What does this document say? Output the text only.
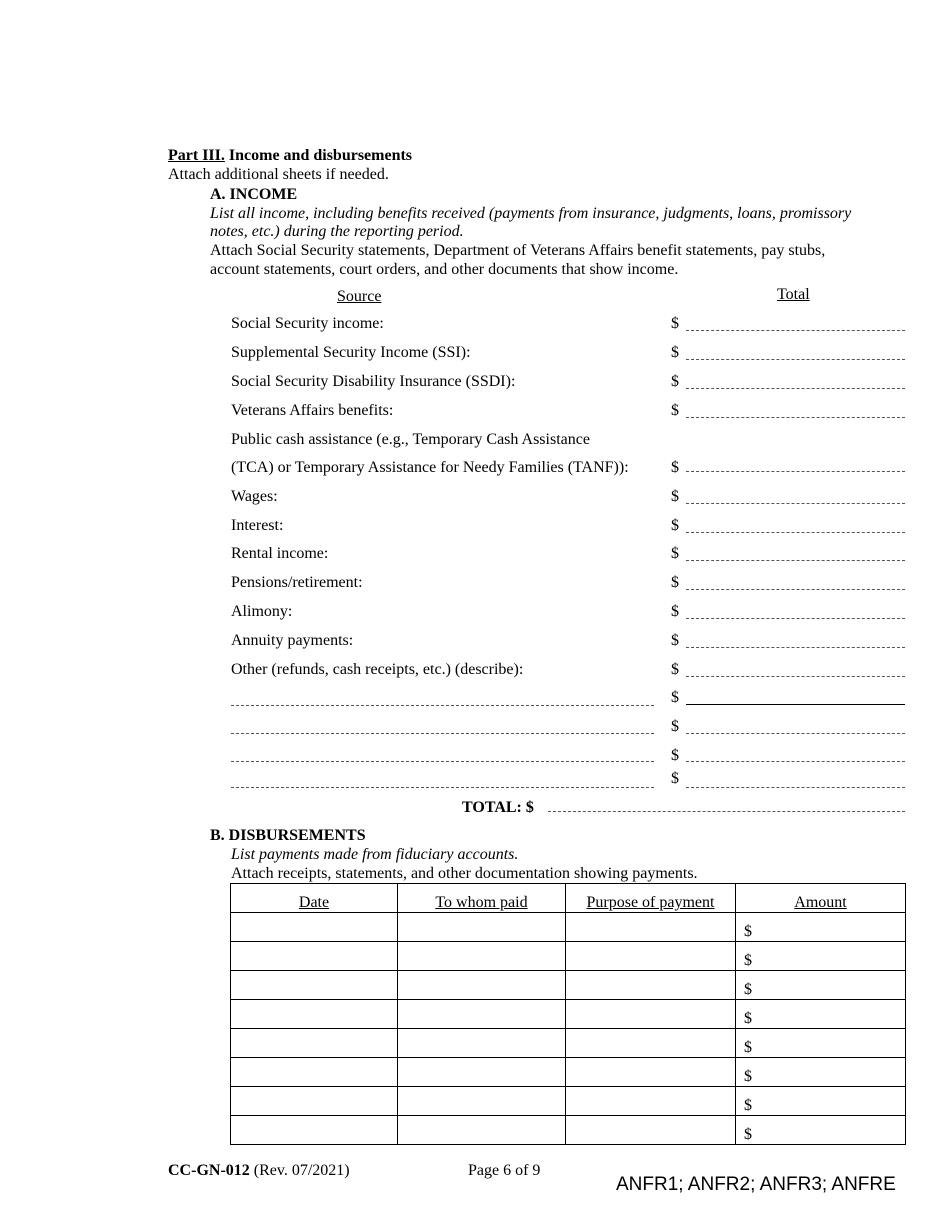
Part III. Income and disbursements
Attach additional sheets if needed.
A. INCOME
List all income, including benefits received (payments from insurance, judgments, loans, promissory
notes, etc.) during the reporting period.
Attach Social Security statements, Department of Veterans Affairs benefit statements, pay stubs,
account statements, court orders, and other documents that show income.
Source	Total
Social Security income:	$
Supplemental Security Income (SSI):	$
Social Security Disability Insurance (SSDI):	$
Veterans Affairs benefits:	$
Public cash assistance (e.g., Temporary Cash Assistance
(TCA) or Temporary Assistance for Needy Families (TANF)):	$
Wages:	$
Interest:	$
Rental income:	$
Pensions/retirement:	$
Alimony:	$
Annuity payments:	$
Other (refunds, cash receipts, etc.) (describe):	$
$
$
$
$
TOTAL: $
B. DISBURSEMENTS
List payments made from fiduciary accounts.
Attach receipts, statements, and other documentation showing payments.
Date	To whom paid	Purpose of payment	Amount
			$
			$
			$
			$
			$
			$
			$
			$
CC-GN-012 (Rev. 07/2021)	Page 6 of 9
ANFR1; ANFR2; ANFR3; ANFRE
